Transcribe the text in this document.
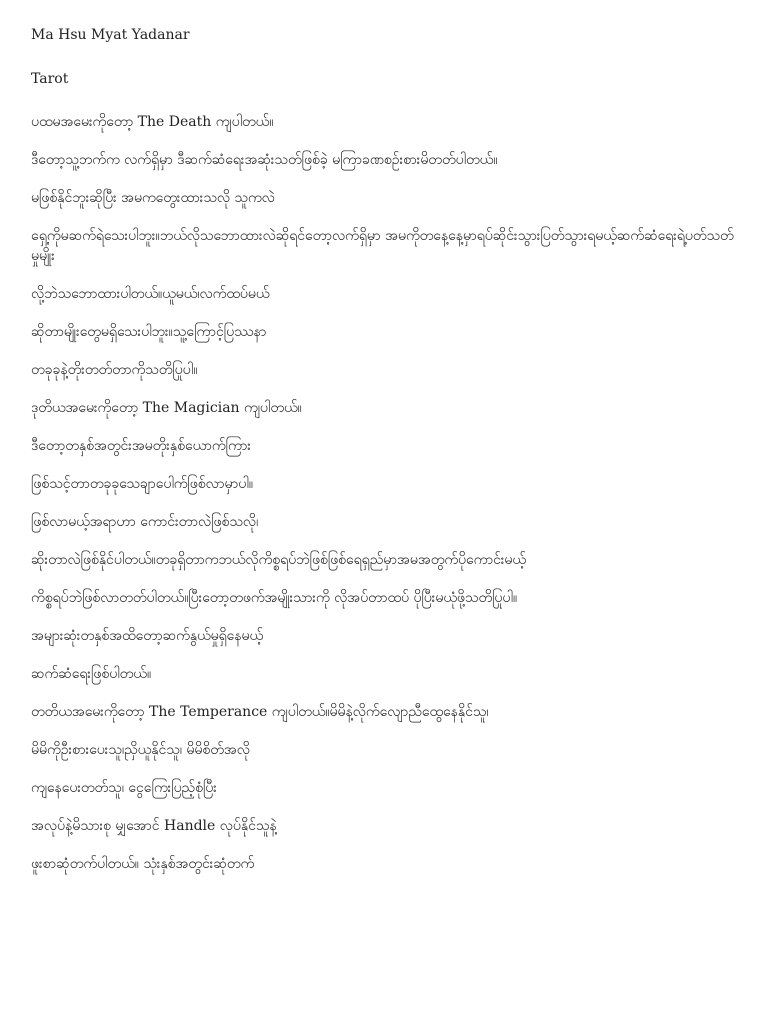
Ma Hsu Myat Yadanar

Tarot

ပထမအမေးကိုတော့ The Death ကျပါတယ်။

ဒီတော့သူ့ဘက်က လက်ရှိမှာ ဒီဆက်ဆံရေးအဆုံးသတ်ဖြစ်ခဲ့ မကြာခဏစဉ်းစားမိတတ်ပါတယ်။

မဖြစ်နိုင်ဘူးဆိုပြီး အမကတွေးထားသလို သူကလဲ

ရှေ့ကိုမဆက်ရဲသေးပါဘူး။ဘယ်လိုသဘောထားလဲဆိုရင်တော့လက်ရှိမှာ အမကိုတနေ့နေ့မှာရပ်ဆိုင်းသွားပြတ်သွားရမယ့်ဆက်ဆံရေးရဲ့ပတ်သတ်မှုမျိုး

လို့ဘဲသဘောထားပါတယ်။ယူမယ်၊လက်ထပ်မယ်

ဆိုတာမျိုးတွေမရှိသေးပါဘူး။သူ့ကြောင့်ပြဿနာ

တခုခုနဲ့တိုးတတ်တာကိုသတိပြုပါ။

ဒုတိယအမေးကိုတော့ The Magician ကျပါတယ်။

ဒီတော့တနှစ်အတွင်းအမတိုးနှစ်ယောက်ကြား

ဖြစ်သင့်တာတခုခုသေချာပေါက်ဖြစ်လာမှာပါ။

ဖြစ်လာမယ့်အရာဟာ ကောင်းတာလဲဖြစ်သလို၊

ဆိုးတာလဲဖြစ်နိုင်ပါတယ်။တခုရှိတာကဘယ်လိုကိစ္စရပ်ဘဲဖြစ်ဖြစ်ရေရှည်မှာအမအတွက်ပိုကောင်းမယ့်

ကိစ္စရပ်ဘဲဖြစ်လာတတ်ပါတယ်။ပြီးတော့တဖက်အမျိုးသားကို လိုအပ်တာထပ် ပိုပြီးမယုံဖို့သတိပြုပါ။

အများဆုံးတနှစ်အထိတော့ဆက်နွယ်မှုရှိနေမယ့်

ဆက်ဆံရေးဖြစ်ပါတယ်။

တတိယအမေးကိုတော့ The Temperance ကျပါတယ်။မိမိနဲ့လိုက်လျောညီထွေနေနိုင်သူ၊

မိမိကိုဦးစားပေးသူ၊ညှိယူနိုင်သူ၊ မိမိစိတ်အလို

ကျနေပေးတတ်သူ၊ ငွေကြေးပြည့်စုံပြီး

အလုပ်နဲ့မိသားစု မျှအောင် Handle လုပ်နိုင်သူနဲ့

ဖူးစာဆုံတက်ပါတယ်။ သုံးနှစ်အတွင်းဆုံတက်
